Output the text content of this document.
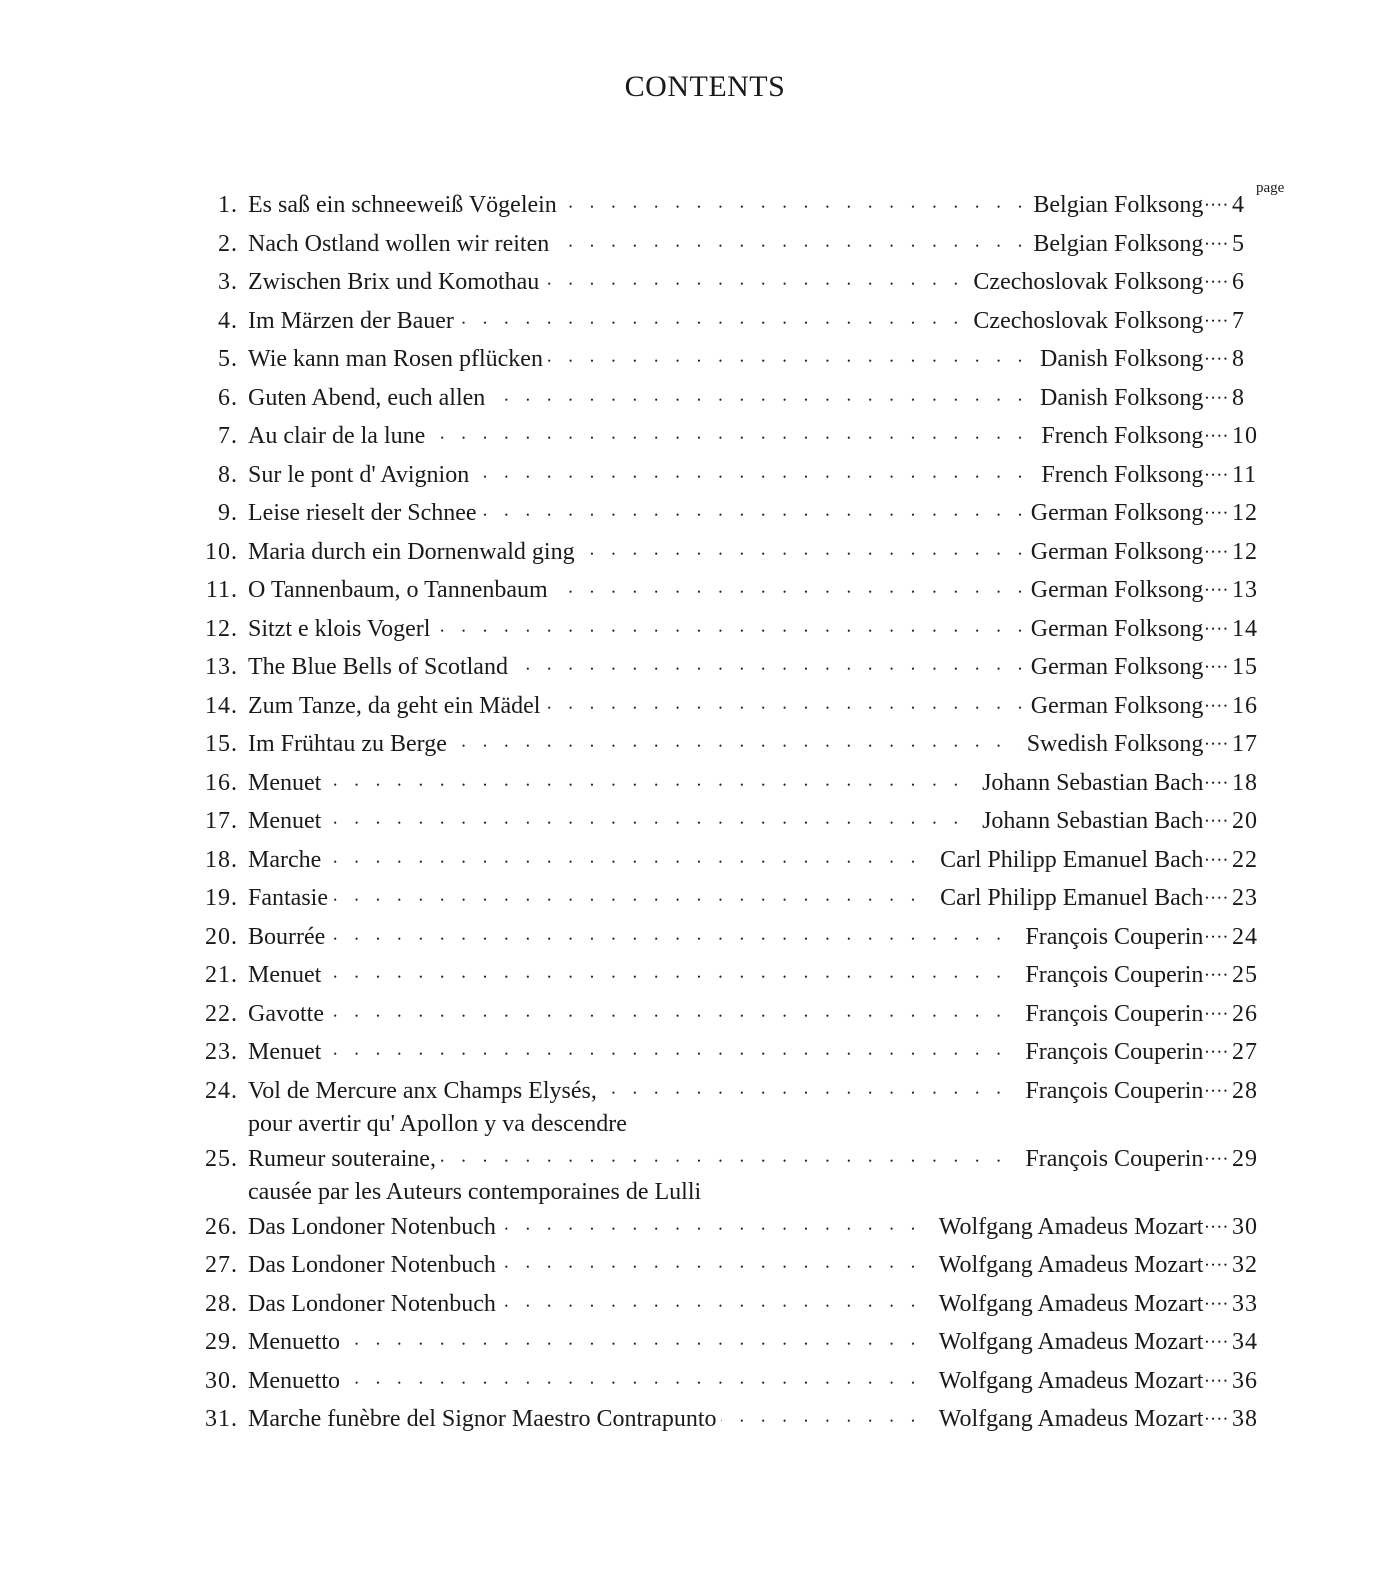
CONTENTS
page
1. • • • Es saß ein schneeweiß Vögelein	Belgian Folksong •••• 4
2. • • • Nach Ostland wollen wir reiten	Belgian Folksong •••• 5
3. • • • Zwischen Brix und Komothau	Czechoslovak Folksong •••• 6
4. • • • Im Märzen der Bauer	Czechoslovak Folksong •••• 7
5. • • • Wie kann man Rosen pflücken	Danish Folksong •••• 8
6. • • • Guten Abend, euch allen	Danish Folksong •••• 8
7. • • • Au clair de la lune	French Folksong •••• 10
8. • • • Sur le pont d' Avignion	French Folksong •••• 11
9. • • • Leise rieselt der Schnee	German Folksong •••• 12
10. • • • Maria durch ein Dornenwald ging	German Folksong •••• 12
11. • • • O Tannenbaum, o Tannenbaum	German Folksong •••• 13
12. • • • Sitzt e klois Vogerl	German Folksong •••• 14
13. • • • The Blue Bells of Scotland	German Folksong •••• 15
14. • • • Zum Tanze, da geht ein Mädel	German Folksong •••• 16
15. • • • Im Frühtau zu Berge	Swedish Folksong •••• 17
16. • • • Menuet	Johann Sebastian Bach •••• 18
17. • • • Menuet	Johann Sebastian Bach •••• 20
18. • • • Marche	Carl Philipp Emanuel Bach •••• 22
19. • • • Fantasie	Carl Philipp Emanuel Bach •••• 23
20. • • • Bourrée	François Couperin •••• 24
21. • • • Menuet	François Couperin •••• 25
22. • • • Gavotte	François Couperin •••• 26
23. • • • Menuet	François Couperin •••• 27
24. • • • Vol de Mercure anx Champs Elysés,
pour avertir qu' Apollon y va descendre
François Couperin •••• 28
25. • • • Rumeur souteraine,
causée par les Auteurs contemporaines de Lulli
François Couperin •••• 29
26. • • • Das Londoner Notenbuch	Wolfgang Amadeus Mozart •••• 30
27. • • • Das Londoner Notenbuch	Wolfgang Amadeus Mozart •••• 32
28. • • • Das Londoner Notenbuch	Wolfgang Amadeus Mozart •••• 33
29. • • • Menuetto	Wolfgang Amadeus Mozart •••• 34
30. • • • Menuetto	Wolfgang Amadeus Mozart •••• 36
31. • • • Marche funèbre del Signor Maestro Contrapunto	Wolfgang Amadeus Mozart •••• 38
